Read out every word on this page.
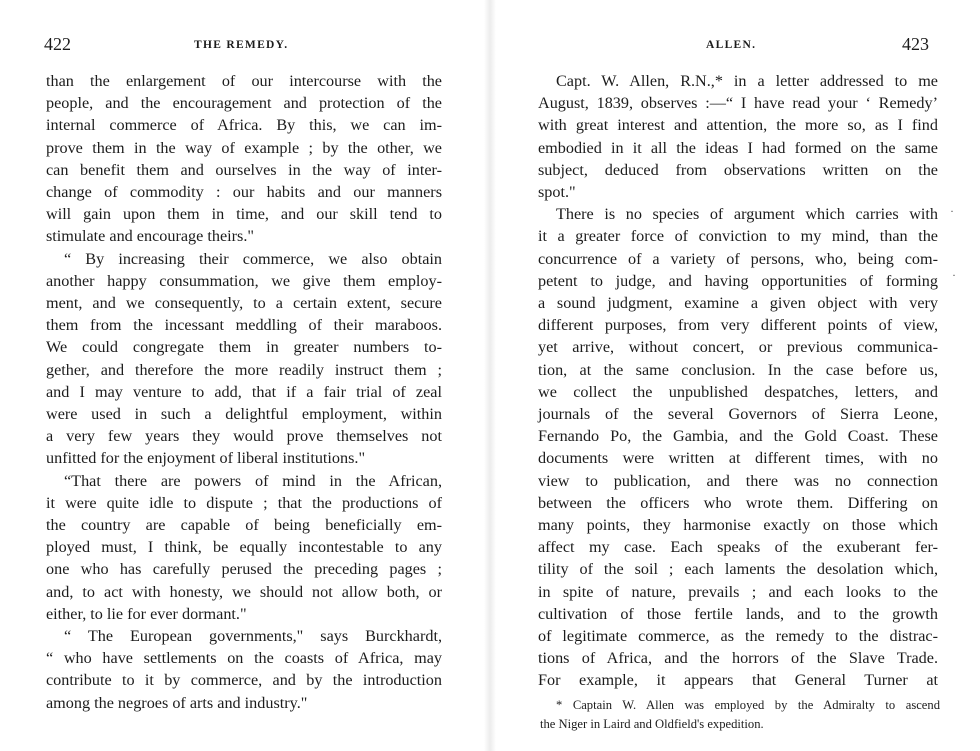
422	THE REMEDY.
than the enlargement of our intercourse with the
people, and the encouragement and protection of the
internal commerce of Africa. By this, we can im-
prove them in the way of example ; by the other, we
can benefit them and ourselves in the way of inter-
change of commodity : our habits and our manners
will gain upon them in time, and our skill tend to
stimulate and encourage theirs."
“ By increasing their commerce, we also obtain
another happy consummation, we give them employ-
ment, and we consequently, to a certain extent, secure
them from the incessant meddling of their maraboos.
We could congregate them in greater numbers to-
gether, and therefore the more readily instruct them ;
and I may venture to add, that if a fair trial of zeal
were used in such a delightful employment, within
a very few years they would prove themselves not
unfitted for the enjoyment of liberal institutions."
“That there are powers of mind in the African,
it were quite idle to dispute ; that the productions of
the country are capable of being beneficially em-
ployed must, I think, be equally incontestable to any
one who has carefully perused the preceding pages ;
and, to act with honesty, we should not allow both, or
either, to lie for ever dormant."
“ The European governments," says Burckhardt,
“ who have settlements on the coasts of Africa, may
contribute to it by commerce, and by the introduction
among the negroes of arts and industry."
ALLEN.	423
Capt. W. Allen, R.N.,* in a letter addressed to me
August, 1839, observes :—“ I have read your ‘ Remedy’
with great interest and attention, the more so, as I find
embodied in it all the ideas I had formed on the same
subject, deduced from observations written on the
spot."
There is no species of argument which carries with
it a greater force of conviction to my mind, than the
concurrence of a variety of persons, who, being com-
petent to judge, and having opportunities of forming
a sound judgment, examine a given object with very
different purposes, from very different points of view,
yet arrive, without concert, or previous communica-
tion, at the same conclusion. In the case before us,
we collect the unpublished despatches, letters, and
journals of the several Governors of Sierra Leone,
Fernando Po, the Gambia, and the Gold Coast. These
documents were written at different times, with no
view to publication, and there was no connection
between the officers who wrote them. Differing on
many points, they harmonise exactly on those which
affect my case. Each speaks of the exuberant fer-
tility of the soil ; each laments the desolation which,
in spite of nature, prevails ; and each looks to the
cultivation of those fertile lands, and to the growth
of legitimate commerce, as the remedy to the distrac-
tions of Africa, and the horrors of the Slave Trade.
For example, it appears that General Turner at
* Captain W. Allen was employed by the Admiralty to ascend
the Niger in Laird and Oldfield's expedition.
·
·
